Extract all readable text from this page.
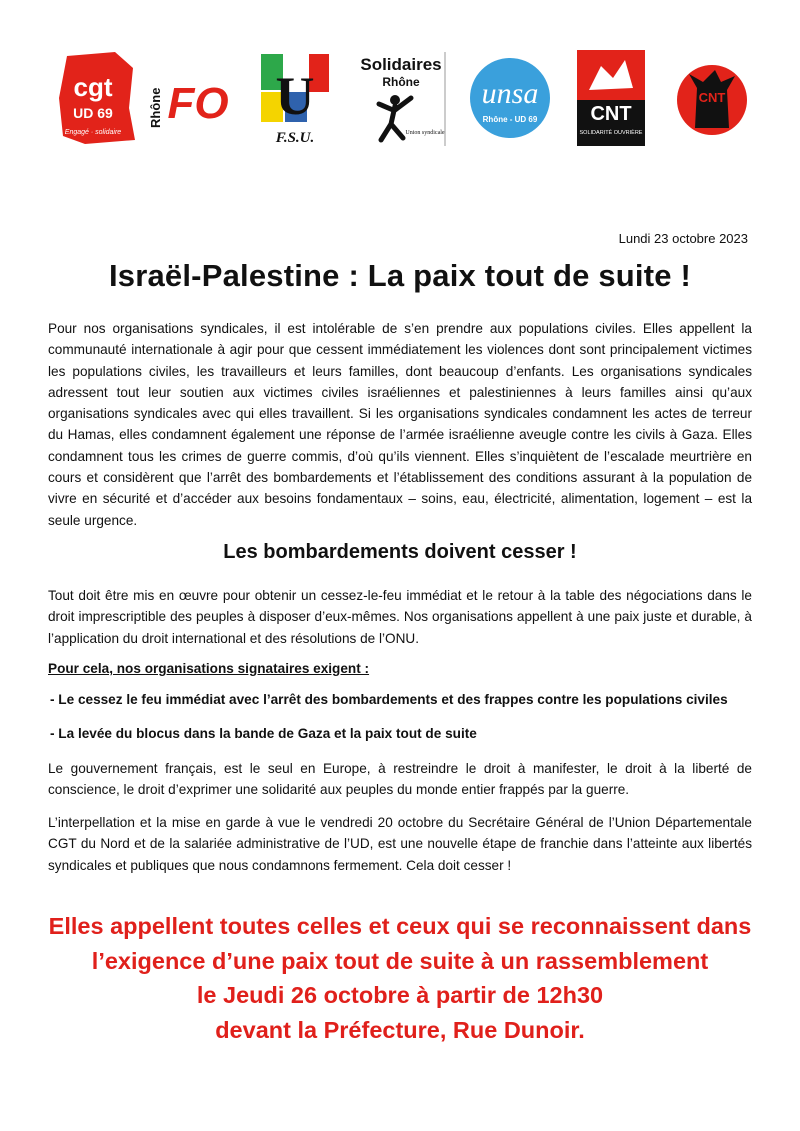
cgt
UD 69
Engagé · solidaire
Rhône FO U
F.S.U.
Solidaires
Rhône
Union syndicale
unsa
Rhône - UD 69	CNT
SOLIDARITÉ OUVRIÈRE
CNT
Lundi 23 octobre 2023
Israël-Palestine : La paix tout de suite !

Pour nos organisations syndicales, il est intolérable de s’en prendre aux populations civiles. Elles appellent la communauté internationale à agir pour que cessent immédiatement les violences dont sont principalement victimes les populations civiles, les travailleurs et leurs familles, dont beaucoup d’enfants. Les organisations syndicales adressent tout leur soutien aux victimes civiles israéliennes et palestiniennes à leurs familles ainsi qu’aux organisations syndicales avec qui elles travaillent. Si les organisations syndicales condamnent les actes de terreur du Hamas, elles condamnent également une réponse de l’armée israélienne aveugle contre les civils à Gaza. Elles condamnent tous les crimes de guerre commis, d’où qu’ils viennent. Elles s’inquiètent de l’escalade meurtrière en cours et considèrent que l’arrêt des bombardements et l’établissement des conditions assurant à la population de vivre en sécurité et d’accéder aux besoins fondamentaux – soins, eau, électricité, alimentation, logement – est la seule urgence.

Les bombardements doivent cesser !

Tout doit être mis en œuvre pour obtenir un cessez-le-feu immédiat et le retour à la table des négociations dans le droit imprescriptible des peuples à disposer d’eux-mêmes. Nos organisations appellent à une paix juste et durable, à l’application du droit international et des résolutions de l’ONU.

Pour cela, nos organisations signataires exigent :

- Le cessez le feu immédiat avec l’arrêt des bombardements et des frappes contre les populations civiles

- La levée du blocus dans la bande de Gaza et la paix tout de suite

Le gouvernement français, est le seul en Europe, à restreindre le droit à manifester, le droit à la liberté de conscience, le droit d’exprimer une solidarité aux peuples du monde entier frappés par la guerre.

L’interpellation et la mise en garde à vue le vendredi 20 octobre du Secrétaire Général de l’Union Départementale CGT du Nord et de la salariée administrative de l’UD, est une nouvelle étape de franchie dans l’atteinte aux libertés syndicales et publiques que nous condamnons fermement. Cela doit cesser !

Elles appellent toutes celles et ceux qui se reconnaissent dans
l’exigence d’une paix tout de suite à un rassemblement
le Jeudi 26 octobre à partir de 12h30
devant la Préfecture, Rue Dunoir.
